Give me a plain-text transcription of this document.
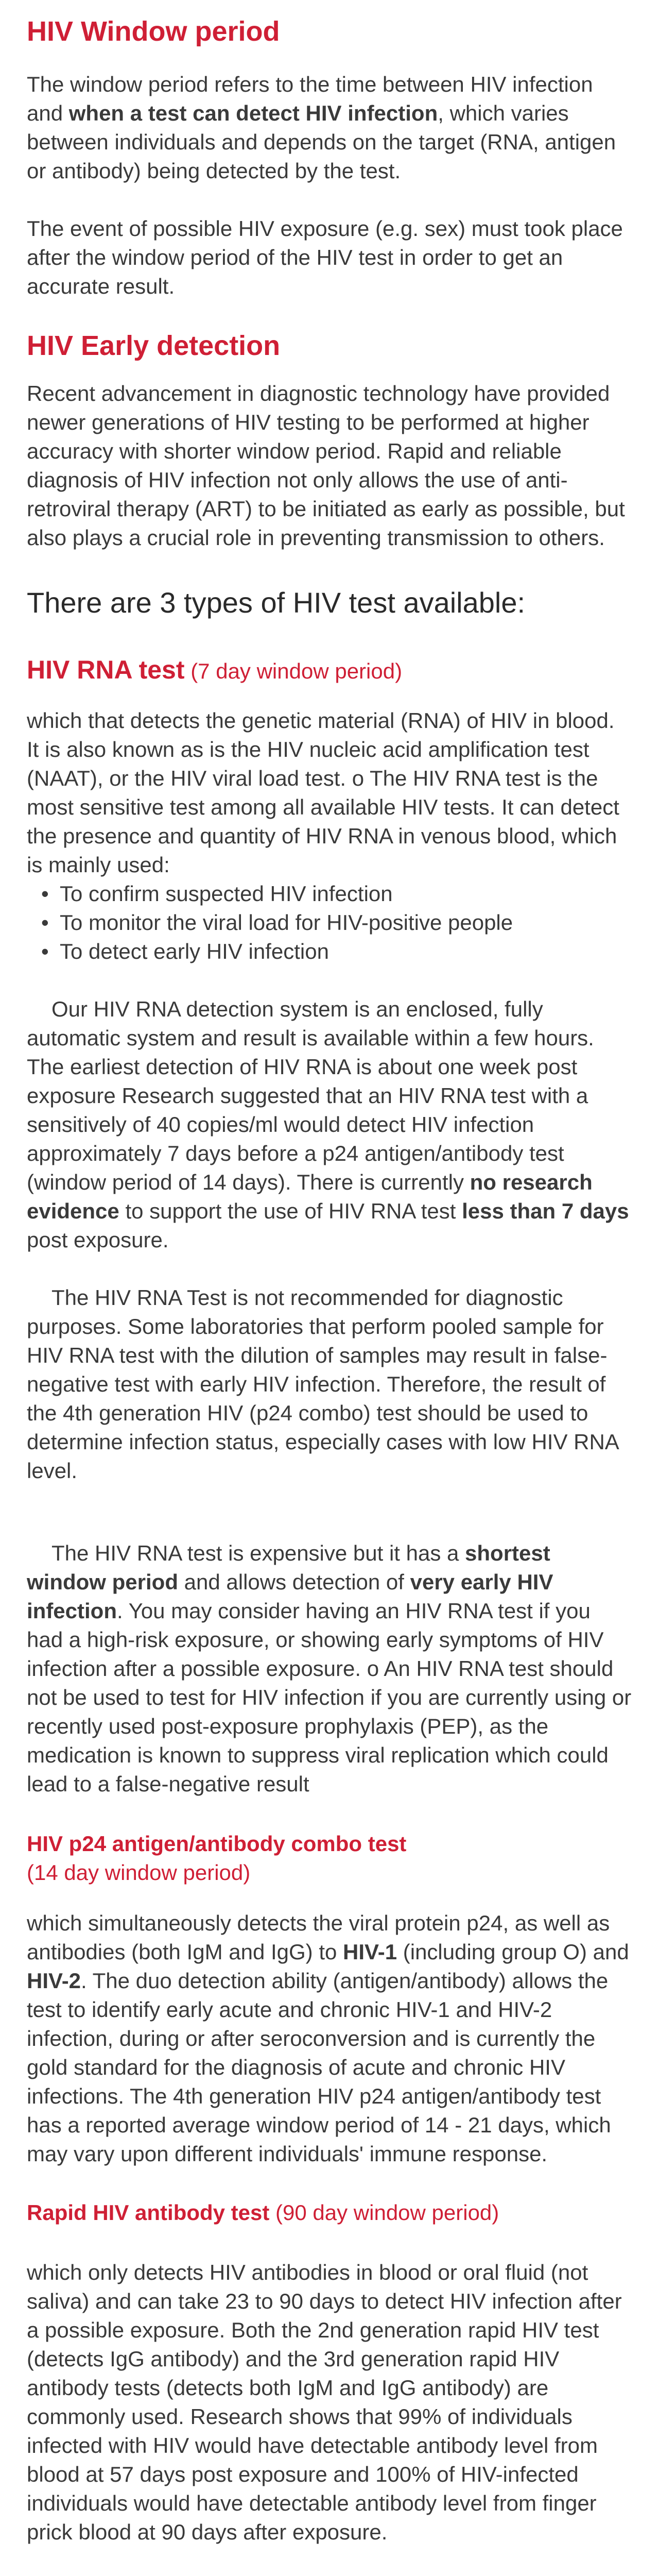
HIV Window period

The window period refers to the time between HIV infection and when a test can detect HIV infection, which varies between individuals and depends on the target (RNA, antigen or antibody) being detected by the test.

The event of possible HIV exposure (e.g. sex) must took place after the window period of the HIV test in order to get an accurate result.

HIV Early detection

Recent advancement in diagnostic technology have provided newer generations of HIV testing to be performed at higher accuracy with shorter window period. Rapid and reliable diagnosis of HIV infection not only allows the use of anti-retroviral therapy (ART) to be initiated as early as possible, but also plays a crucial role in preventing transmission to others.

There are 3 types of HIV test available:
HIV RNA test (7 day window period)

which that detects the genetic material (RNA) of HIV in blood. It is also known as is the HIV nucleic acid amplification test (NAAT), or the HIV viral load test. o The HIV RNA test is the most sensitive test among all available HIV tests. It can detect the presence and quantity of HIV RNA in venous blood, which is mainly used:

• To confirm suspected HIV infection
• To monitor the viral load for HIV-positive people
• To detect early HIV infection

Our HIV RNA detection system is an enclosed, fully automatic system and result is available within a few hours. The earliest detection of HIV RNA is about one week post exposure Research suggested that an HIV RNA test with a sensitively of 40 copies/ml would detect HIV infection approximately 7 days before a p24 antigen/antibody test (window period of 14 days). There is currently no research evidence to support the use of HIV RNA test less than 7 days post exposure.

The HIV RNA Test is not recommended for diagnostic purposes. Some laboratories that perform pooled sample for HIV RNA test with the dilution of samples may result in false-negative test with early HIV infection. Therefore, the result of the 4th generation HIV (p24 combo) test should be used to determine infection status, especially cases with low HIV RNA level.

The HIV RNA test is expensive but it has a shortest window period and allows detection of very early HIV infection. You may consider having an HIV RNA test if you had a high-risk exposure, or showing early symptoms of HIV infection after a possible exposure. o An HIV RNA test should not be used to test for HIV infection if you are currently using or recently used post-exposure prophylaxis (PEP), as the medication is known to suppress viral replication which could lead to a false-negative result

HIV p24 antigen/antibody combo test
(14 day window period)

which simultaneously detects the viral protein p24, as well as antibodies (both IgM and IgG) to HIV-1 (including group O) and HIV-2. The duo detection ability (antigen/antibody) allows the test to identify early acute and chronic HIV-1 and HIV-2 infection, during or after seroconversion and is currently the gold standard for the diagnosis of acute and chronic HIV infections. The 4th generation HIV p24 antigen/antibody test has a reported average window period of 14 - 21 days, which may vary upon different individuals' immune response.

Rapid HIV antibody test (90 day window period)

which only detects HIV antibodies in blood or oral fluid (not saliva) and can take 23 to 90 days to detect HIV infection after a possible exposure. Both the 2nd generation rapid HIV test (detects IgG antibody) and the 3rd generation rapid HIV antibody tests (detects both IgM and IgG antibody) are commonly used. Research shows that 99% of individuals infected with HIV would have detectable antibody level from blood at 57 days post exposure and 100% of HIV-infected individuals would have detectable antibody level from finger prick blood at 90 days after exposure.

•
